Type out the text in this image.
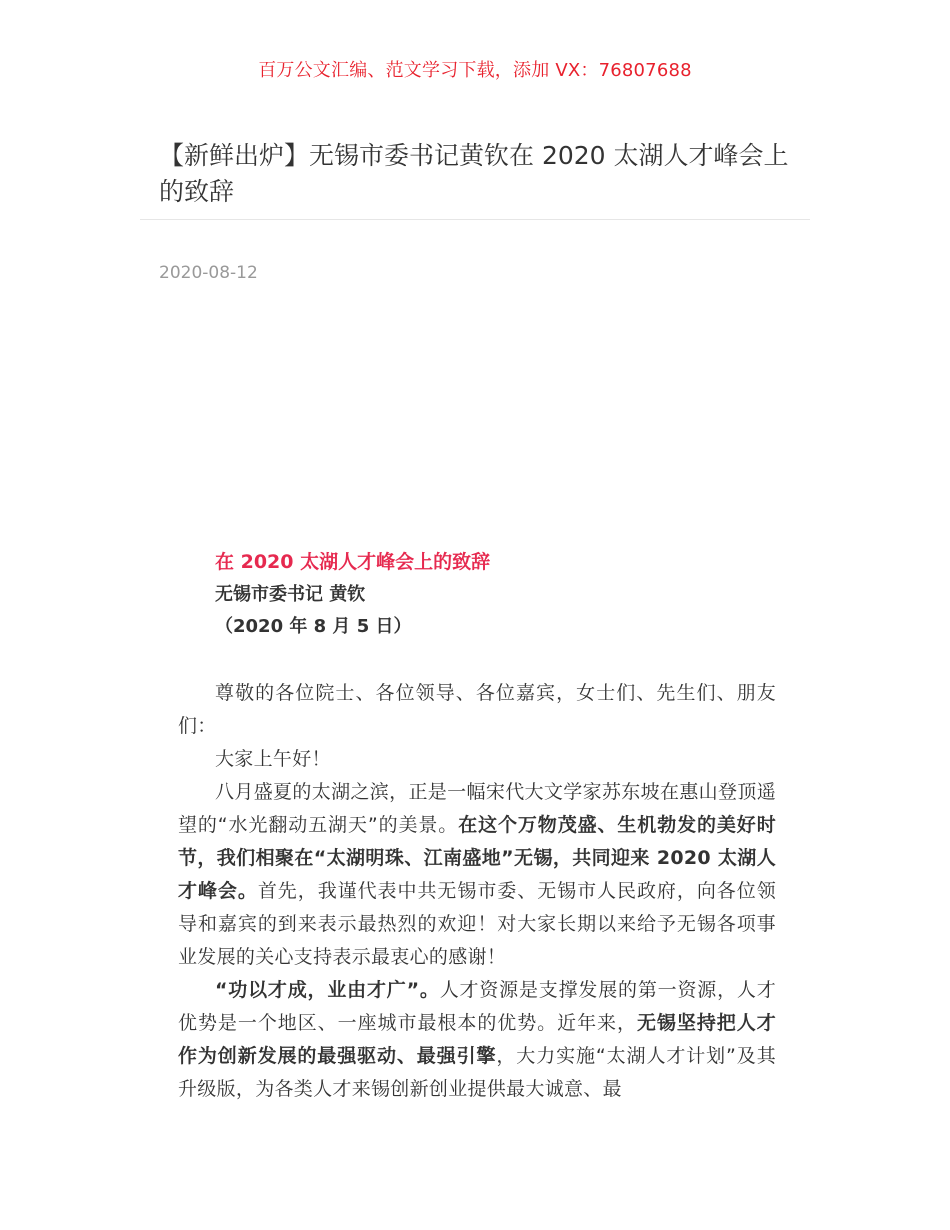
百万公文汇编、范文学习下载，添加 VX：76807688
【新鲜出炉】无锡市委书记黄钦在 2020 太湖人才峰会上的致辞
2020-08-12
在 2020 太湖人才峰会上的致辞
无锡市委书记 黄钦
（2020 年 8 月 5 日）

尊敬的各位院士、各位领导、各位嘉宾，女士们、先生们、朋友们：

大家上午好！

八月盛夏的太湖之滨，正是一幅宋代大文学家苏东坡在惠山登顶遥望的“水光翻动五湖天”的美景。在这个万物茂盛、生机勃发的美好时节，我们相聚在“太湖明珠、江南盛地”无锡，共同迎来 2020 太湖人才峰会。首先，我谨代表中共无锡市委、无锡市人民政府，向各位领导和嘉宾的到来表示最热烈的欢迎！对大家长期以来给予无锡各项事业发展的关心支持表示最衷心的感谢！

“功以才成，业由才广”。人才资源是支撑发展的第一资源，人才优势是一个地区、一座城市最根本的优势。近年来，无锡坚持把人才作为创新发展的最强驱动、最强引擎，大力实施“太湖人才计划”及其升级版，为各类人才来锡创新创业提供最大诚意、最
